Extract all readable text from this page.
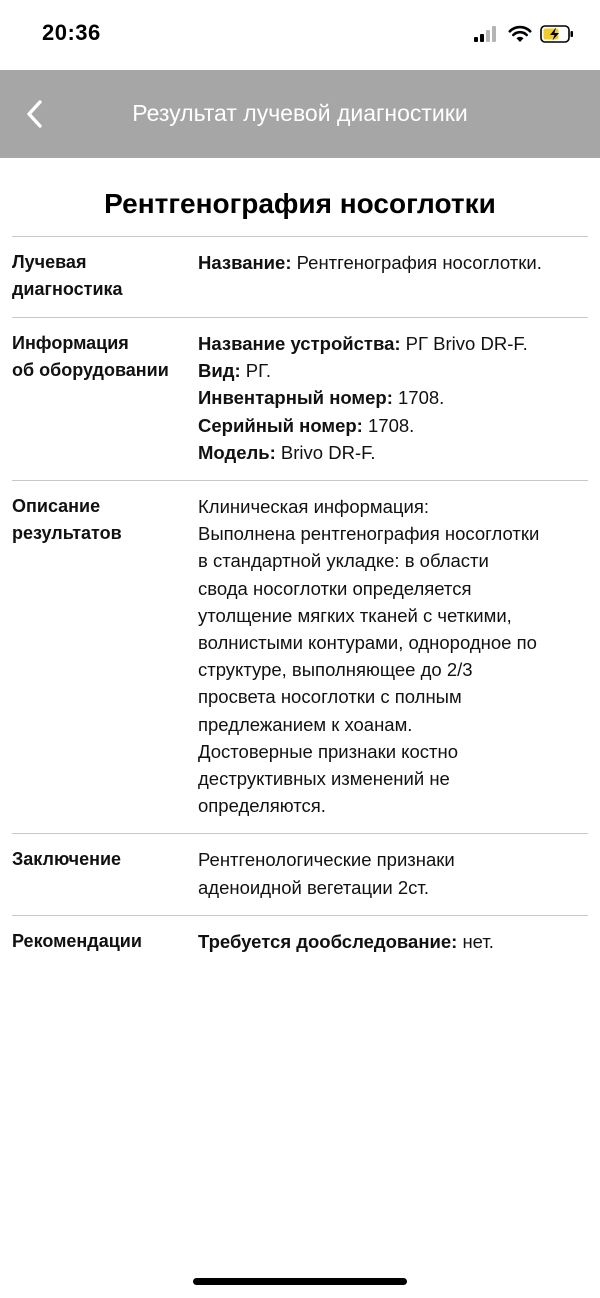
20:36
Результат лучевой диагностики
Рентгенография носоглотки
Лучевая
диагностика
Название: Рентгенография носоглотки.
Информация
об оборудовании
Название устройства: РГ Brivo DR-F.
Вид: РГ.
Инвентарный номер: 1708.
Серийный номер: 1708.
Модель: Brivo DR-F.
Описание
результатов
Клиническая информация:
Выполнена рентгенография носоглотки
в стандартной укладке: в области
свода носоглотки определяется
утолщение мягких тканей с четкими,
волнистыми контурами, однородное по
структуре, выполняющее до 2/3
просвета носоглотки с полным
предлежанием к хоанам.
Достоверные признаки костно
деструктивных изменений не
определяются.
Заключение	Рентгенологические признаки
аденоидной вегетации 2ст.
Рекомендации	Требуется дообследование: нет.
